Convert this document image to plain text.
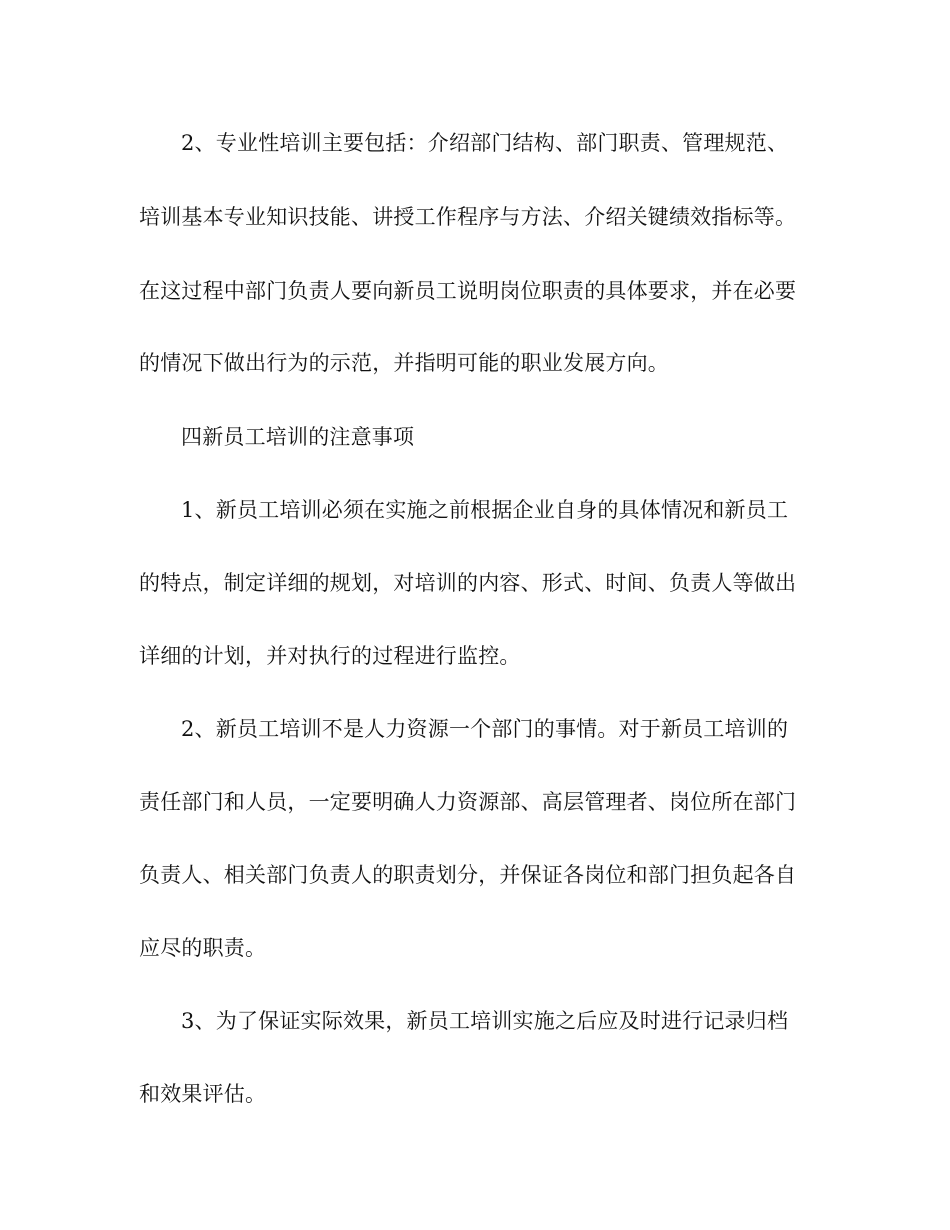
2、专业性培训主要包括：介绍部门结构、部门职责、管理规范、

培训基本专业知识技能、讲授工作程序与方法、介绍关键绩效指标等。

在这过程中部门负责人要向新员工说明岗位职责的具体要求，并在必要

的情况下做出行为的示范，并指明可能的职业发展方向。

四新员工培训的注意事项

1、新员工培训必须在实施之前根据企业自身的具体情况和新员工

的特点，制定详细的规划，对培训的内容、形式、时间、负责人等做出

详细的计划，并对执行的过程进行监控。

2、新员工培训不是人力资源一个部门的事情。对于新员工培训的

责任部门和人员，一定要明确人力资源部、高层管理者、岗位所在部门

负责人、相关部门负责人的职责划分，并保证各岗位和部门担负起各自

应尽的职责。

3、为了保证实际效果，新员工培训实施之后应及时进行记录归档

和效果评估。
